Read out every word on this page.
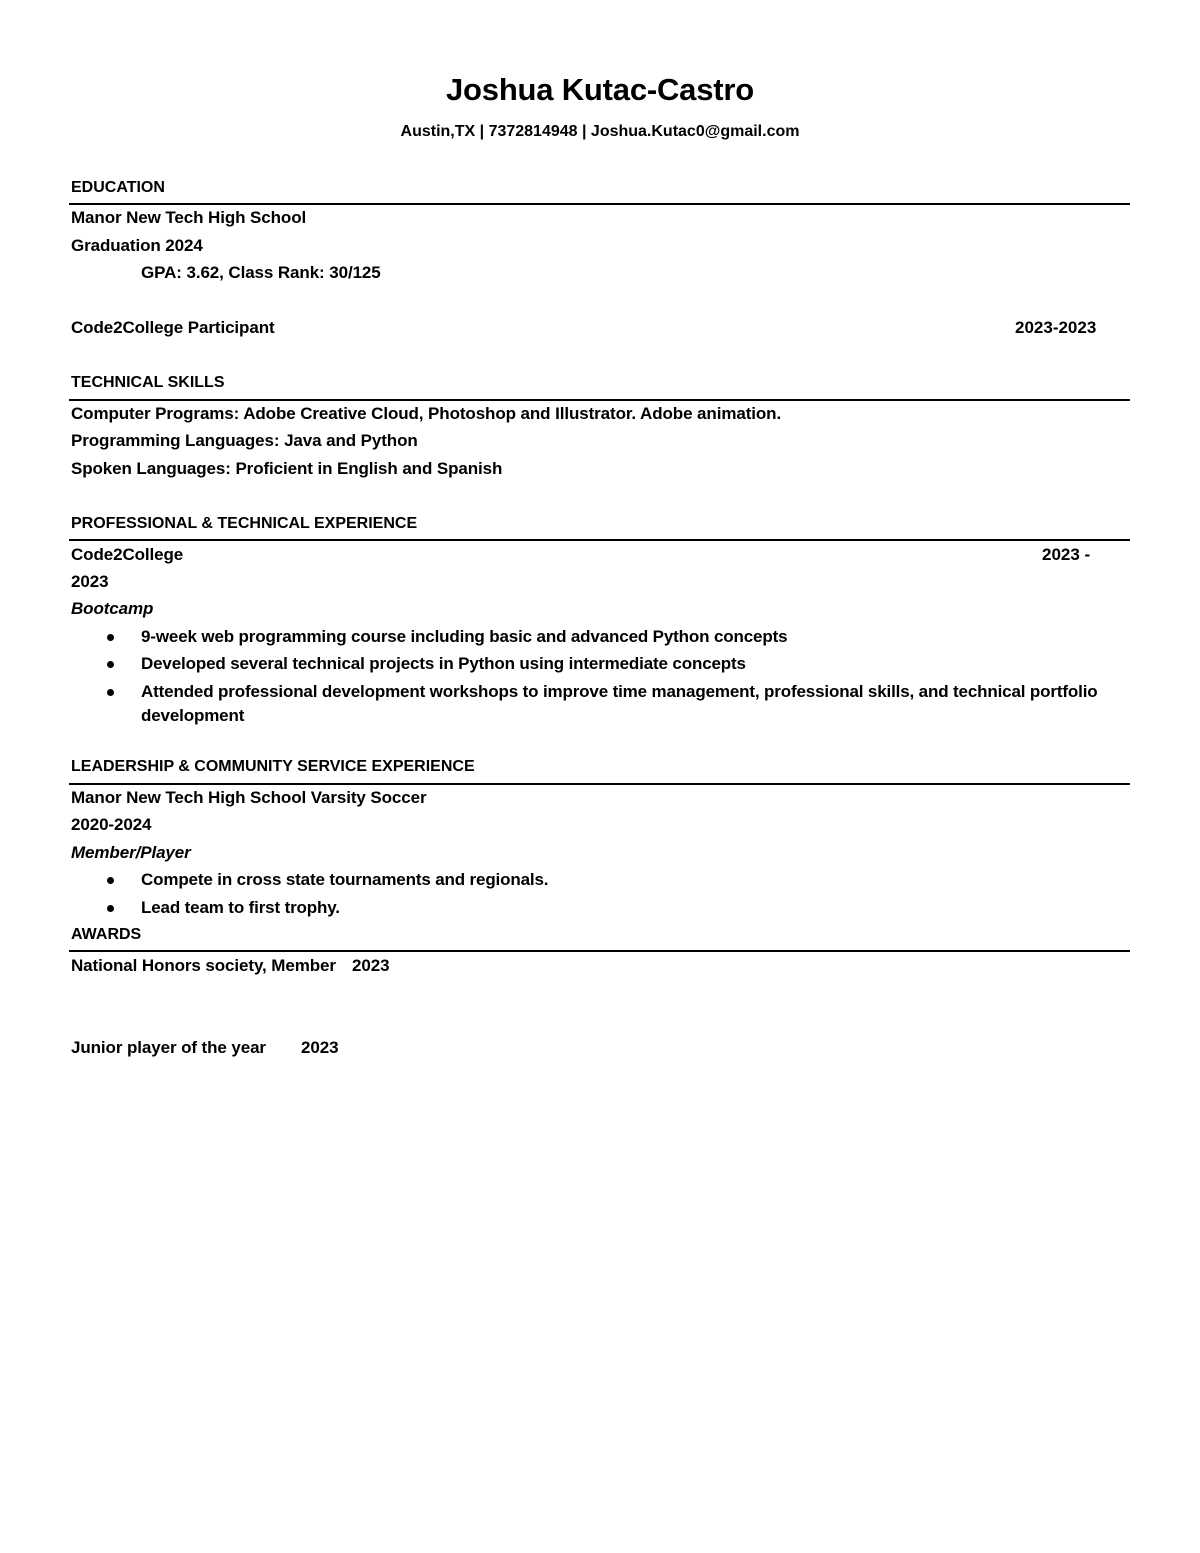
Joshua Kutac-Castro
Austin,TX | 7372814948 | Joshua.Kutac0@gmail.com
EDUCATION
Manor New Tech High School
Graduation 2024
GPA: 3.62, Class Rank: 30/125
Code2College Participant	2023-2023
TECHNICAL SKILLS
Computer Programs: Adobe Creative Cloud, Photoshop and Illustrator. Adobe animation.
Programming Languages: Java and Python
Spoken Languages: Proficient in English and Spanish
PROFESSIONAL & TECHNICAL EXPERIENCE
Code2College	2023 -
2023
Bootcamp
9-week web programming course including basic and advanced Python concepts
Developed several technical projects in Python using intermediate concepts
Attended professional development workshops to improve time management, professional skills, and technical portfolio
development
LEADERSHIP & COMMUNITY SERVICE EXPERIENCE
Manor New Tech High School Varsity Soccer
2020-2024
Member/Player
Compete in cross state tournaments and regionals.
Lead team to first trophy.
AWARDS
National Honors society, Member 2023
Junior player of the year 2023
